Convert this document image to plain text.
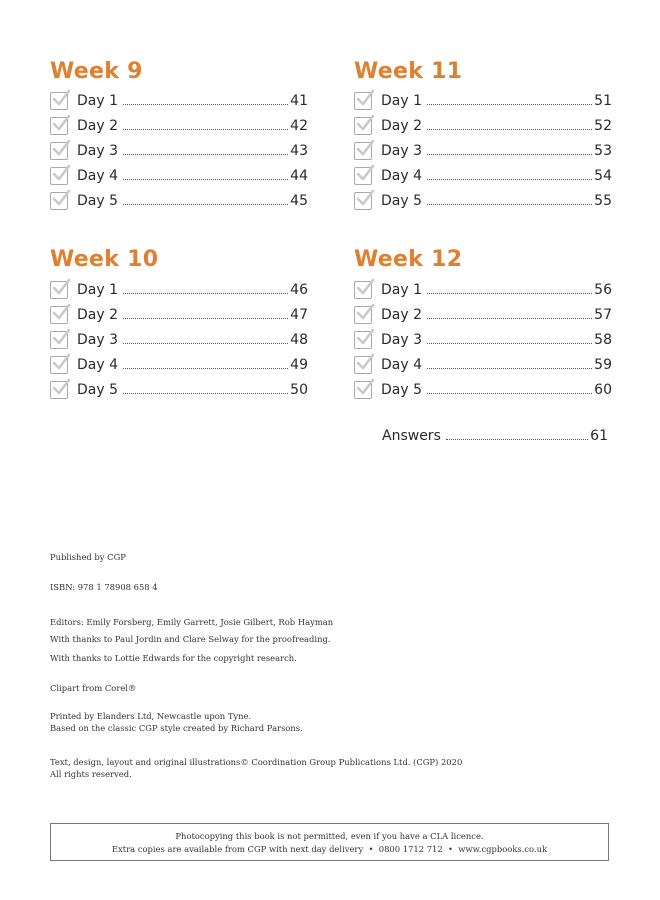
Week 9
Day 1	41
Day 2	42
Day 3	43
Day 4	44
Day 5	45
Week 11
Day 1	51
Day 2	52
Day 3	53
Day 4	54
Day 5	55
Week 10
Day 1	46
Day 2	47
Day 3	48
Day 4	49
Day 5	50
Week 12
Day 1	56
Day 2	57
Day 3	58
Day 4	59
Day 5	60
Answers	61
Published by CGP
ISBN: 978 1 78908 658 4
Editors: Emily Forsberg, Emily Garrett, Josie Gilbert, Rob Hayman
With thanks to Paul Jordin and Clare Selway for the proofreading.
With thanks to Lottie Edwards for the copyright research.
Clipart from Corel®
Printed by Elanders Ltd, Newcastle upon Tyne.
Based on the classic CGP style created by Richard Parsons.
Text, design, layout and original illustrations© Coordination Group Publications Ltd. (CGP) 2020
All rights reserved.
Photocopying this book is not permitted, even if you have a CLA licence.
Extra copies are available from CGP with next day delivery  •  0800 1712 712  •  www.cgpbooks.co.uk
